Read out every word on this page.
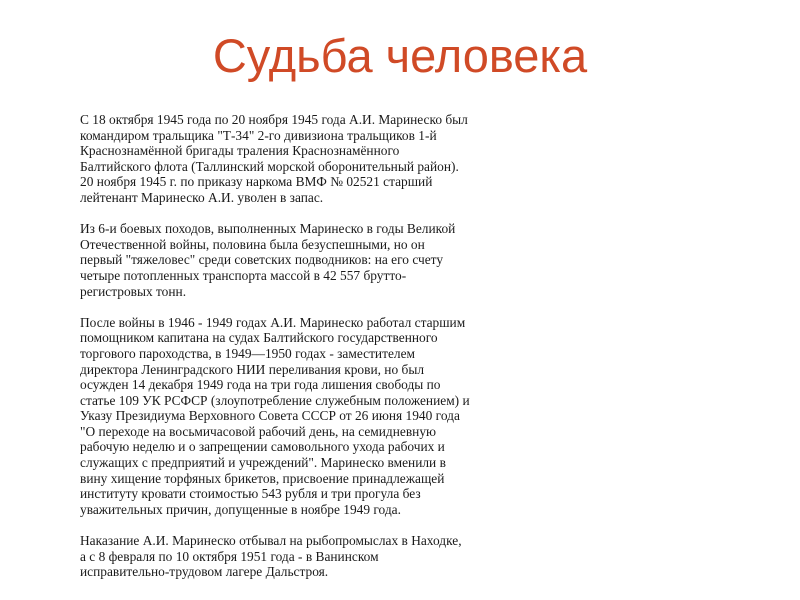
Судьба человека

С 18 октября 1945 года по 20 ноября 1945 года А.И. Маринеско был
командиром тральщика "Т-34" 2-го дивизиона тральщиков 1-й
Краснознамённой бригады траления Краснознамённого
Балтийского флота (Таллинский морской оборонительный район).
20 ноября 1945 г. по приказу наркома ВМФ № 02521 старший
лейтенант Маринеско А.И. уволен в запас.

Из 6-и боевых походов, выполненных Маринеско в годы Великой
Отечественной войны, половина была безуспешными, но он
первый "тяжеловес" среди советских подводников: на его счету
четыре потопленных транспорта массой в 42 557 брутто-
регистровых тонн.

После войны в 1946 - 1949 годах А.И. Маринеско работал старшим
помощником капитана на судах Балтийского государственного
торгового пароходства, в 1949—1950 годах - заместителем
директора Ленинградского НИИ переливания крови, но был
осужден 14 декабря 1949 года на три года лишения свободы по
статье 109 УК РСФСР (злоупотребление служебным положением) и
Указу Президиума Верховного Совета СССР от 26 июня 1940 года
"О переходе на восьмичасовой рабочий день, на семидневную
рабочую неделю и о запрещении самовольного ухода рабочих и
служащих с предприятий и учреждений". Маринеско вменили в
вину хищение торфяных брикетов, присвоение принадлежащей
институту кровати стоимостью 543 рубля и три прогула без
уважительных причин, допущенные в ноябре 1949 года.

Наказание А.И. Маринеско отбывал на рыбопромыслах в Находке,
а с 8 февраля по 10 октября 1951 года - в Ванинском
исправительно-трудовом лагере Дальстроя.
